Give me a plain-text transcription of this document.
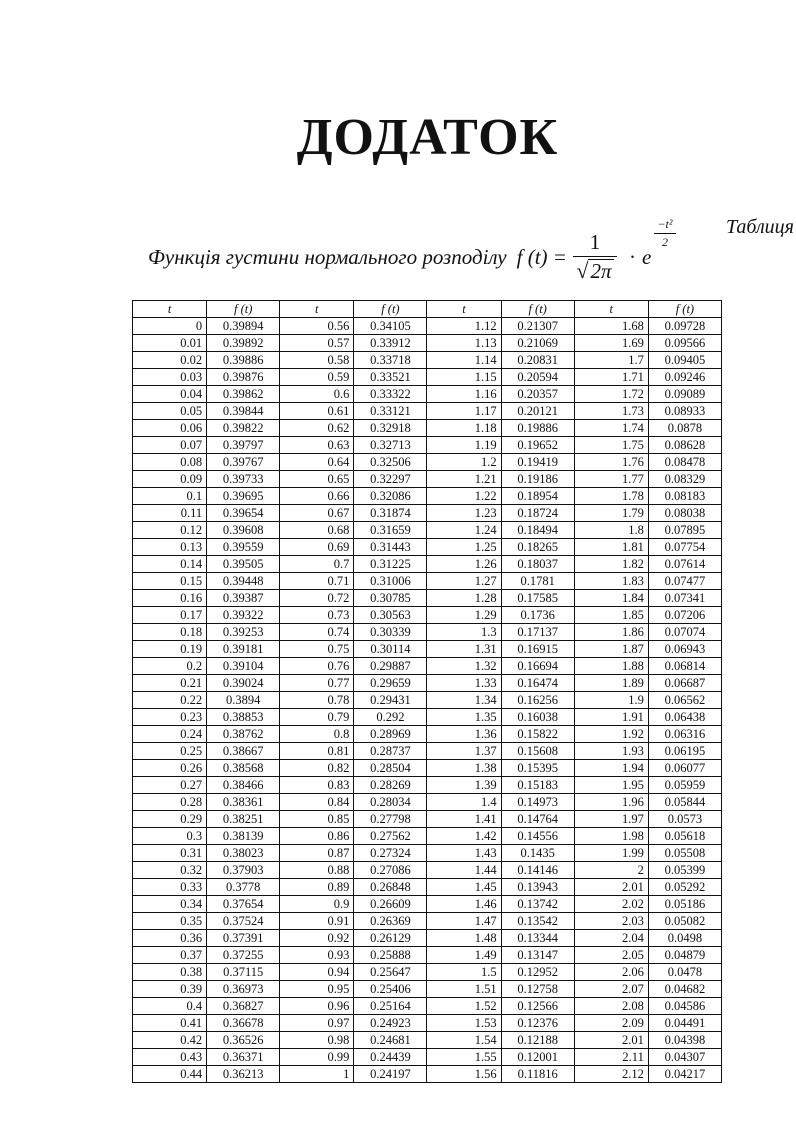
ДОДАТОК
Таблиця
Функція густини нормального розподілу f $(t) = \frac{1}{√ 2\pi} \cdot e$
−t²
2
t	f (t)	t	f (t)	t	f (t)	t	f (t)
0	0.39894	0.56	0.34105	1.12	0.21307	1.68	0.09728
0.01	0.39892	0.57	0.33912	1.13	0.21069	1.69	0.09566
0.02	0.39886	0.58	0.33718	1.14	0.20831	1.7	0.09405
0.03	0.39876	0.59	0.33521	1.15	0.20594	1.71	0.09246
0.04	0.39862	0.6	0.33322	1.16	0.20357	1.72	0.09089
0.05	0.39844	0.61	0.33121	1.17	0.20121	1.73	0.08933
0.06	0.39822	0.62	0.32918	1.18	0.19886	1.74	0.0878
0.07	0.39797	0.63	0.32713	1.19	0.19652	1.75	0.08628
0.08	0.39767	0.64	0.32506	1.2	0.19419	1.76	0.08478
0.09	0.39733	0.65	0.32297	1.21	0.19186	1.77	0.08329
0.1	0.39695	0.66	0.32086	1.22	0.18954	1.78	0.08183
0.11	0.39654	0.67	0.31874	1.23	0.18724	1.79	0.08038
0.12	0.39608	0.68	0.31659	1.24	0.18494	1.8	0.07895
0.13	0.39559	0.69	0.31443	1.25	0.18265	1.81	0.07754
0.14	0.39505	0.7	0.31225	1.26	0.18037	1.82	0.07614
0.15	0.39448	0.71	0.31006	1.27	0.1781	1.83	0.07477
0.16	0.39387	0.72	0.30785	1.28	0.17585	1.84	0.07341
0.17	0.39322	0.73	0.30563	1.29	0.1736	1.85	0.07206
0.18	0.39253	0.74	0.30339	1.3	0.17137	1.86	0.07074
0.19	0.39181	0.75	0.30114	1.31	0.16915	1.87	0.06943
0.2	0.39104	0.76	0.29887	1.32	0.16694	1.88	0.06814
0.21	0.39024	0.77	0.29659	1.33	0.16474	1.89	0.06687
0.22	0.3894	0.78	0.29431	1.34	0.16256	1.9	0.06562
0.23	0.38853	0.79	0.292	1.35	0.16038	1.91	0.06438
0.24	0.38762	0.8	0.28969	1.36	0.15822	1.92	0.06316
0.25	0.38667	0.81	0.28737	1.37	0.15608	1.93	0.06195
0.26	0.38568	0.82	0.28504	1.38	0.15395	1.94	0.06077
0.27	0.38466	0.83	0.28269	1.39	0.15183	1.95	0.05959
0.28	0.38361	0.84	0.28034	1.4	0.14973	1.96	0.05844
0.29	0.38251	0.85	0.27798	1.41	0.14764	1.97	0.0573
0.3	0.38139	0.86	0.27562	1.42	0.14556	1.98	0.05618
0.31	0.38023	0.87	0.27324	1.43	0.1435	1.99	0.05508
0.32	0.37903	0.88	0.27086	1.44	0.14146	2	0.05399
0.33	0.3778	0.89	0.26848	1.45	0.13943	2.01	0.05292
0.34	0.37654	0.9	0.26609	1.46	0.13742	2.02	0.05186
0.35	0.37524	0.91	0.26369	1.47	0.13542	2.03	0.05082
0.36	0.37391	0.92	0.26129	1.48	0.13344	2.04	0.0498
0.37	0.37255	0.93	0.25888	1.49	0.13147	2.05	0.04879
0.38	0.37115	0.94	0.25647	1.5	0.12952	2.06	0.0478
0.39	0.36973	0.95	0.25406	1.51	0.12758	2.07	0.04682
0.4	0.36827	0.96	0.25164	1.52	0.12566	2.08	0.04586
0.41	0.36678	0.97	0.24923	1.53	0.12376	2.09	0.04491
0.42	0.36526	0.98	0.24681	1.54	0.12188	2.01	0.04398
0.43	0.36371	0.99	0.24439	1.55	0.12001	2.11	0.04307
0.44	0.36213	1	0.24197	1.56	0.11816	2.12	0.04217
